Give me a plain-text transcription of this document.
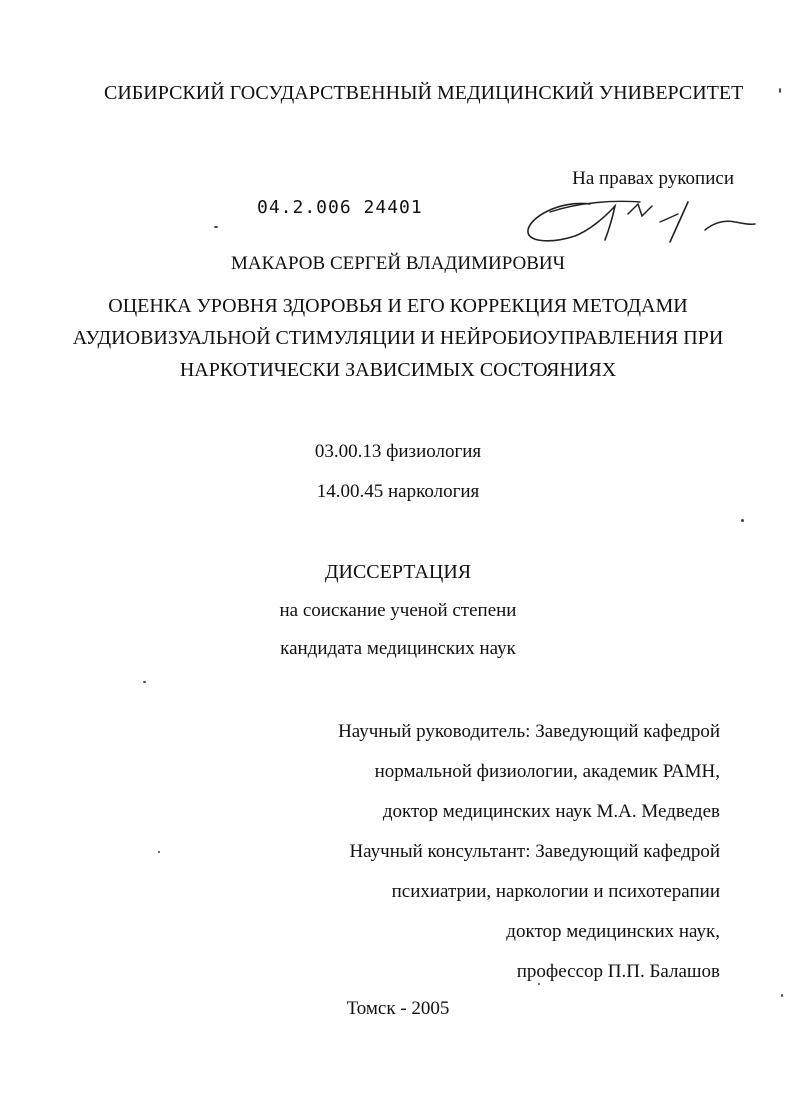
СИБИРСКИЙ ГОСУДАРСТВЕННЫЙ МЕДИЦИНСКИЙ УНИВЕРСИТЕТ
На правах рукописи
04.2.006 24401
МАКАРОВ СЕРГЕЙ ВЛАДИМИРОВИЧ
ОЦЕНКА УРОВНЯ ЗДОРОВЬЯ И ЕГО КОРРЕКЦИЯ МЕТОДАМИ
АУДИОВИЗУАЛЬНОЙ СТИМУЛЯЦИИ И НЕЙРОБИОУПРАВЛЕНИЯ ПРИ
НАРКОТИЧЕСКИ ЗАВИСИМЫХ СОСТОЯНИЯХ
03.00.13 физиология
14.00.45 наркология
ДИССЕРТАЦИЯ
на соискание ученой степени
кандидата медицинских наук
Научный руководитель: Заведующий кафедрой
нормальной физиологии, академик РАМН,
доктор медицинских наук М.А. Медведев
Научный консультант: Заведующий кафедрой
психиатрии, наркологии и психотерапии
доктор медицинских наук,
профессор П.П. Балашов
Томск - 2005
